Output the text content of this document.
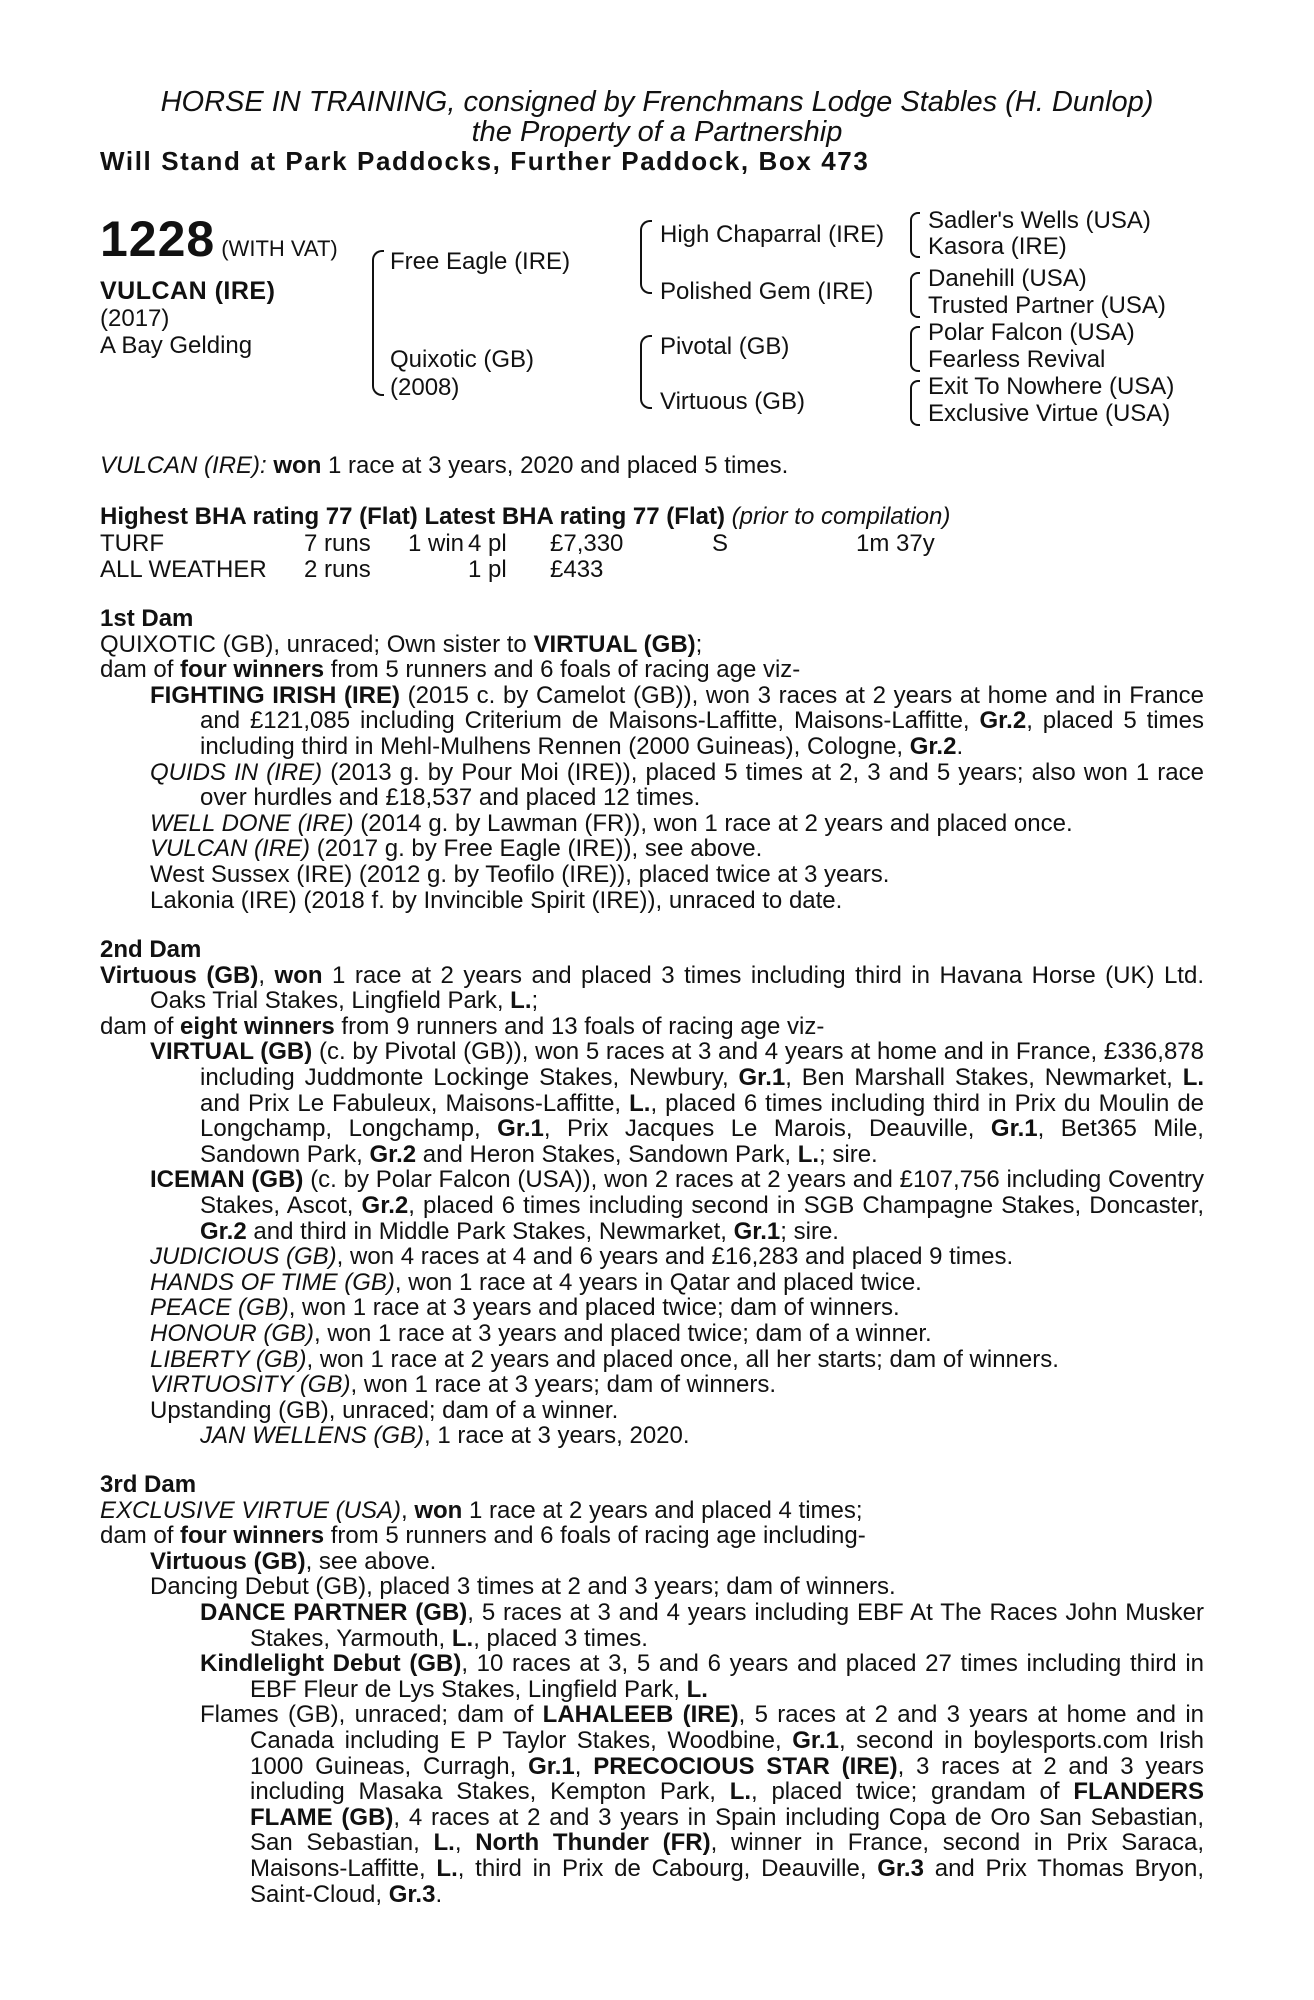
HORSE IN TRAINING, consigned by Frenchmans Lodge Stables (H. Dunlop)
the Property of a Partnership
Will Stand at Park Paddocks, Further Paddock, Box 473
1228 (WITH VAT)
VULCAN (IRE)
(2017)
A Bay Gelding
Free Eagle (IRE)
Quixotic (GB)
(2008)
High Chaparral (IRE)
Polished Gem (IRE)
Pivotal (GB)
Virtuous (GB)
Sadler's Wells (USA)
Kasora (IRE)
Danehill (USA)
Trusted Partner (USA)
Polar Falcon (USA)
Fearless Revival
Exit To Nowhere (USA)
Exclusive Virtue (USA)
VULCAN (IRE): won 1 race at 3 years, 2020 and placed 5 times.
Highest BHA rating 77 (Flat) Latest BHA rating 77 (Flat) (prior to compilation)
TURF	7 runs 1 win 4 pl £7,330	S	1m 37y
ALL WEATHER 2 runs	1 pl £433

1st Dam

QUIXOTIC (GB), unraced; Own sister to VIRTUAL (GB);

dam of four winners from 5 runners and 6 foals of racing age viz-

FIGHTING IRISH (IRE) (2015 c. by Camelot (GB)), won 3 races at 2 years at home and in France and £121,085 including Criterium de Maisons-Laffitte, Maisons-Laffitte, Gr.2, placed 5 times including third in Mehl-Mulhens Rennen (2000 Guineas), Cologne, Gr.2.

QUIDS IN (IRE) (2013 g. by Pour Moi (IRE)), placed 5 times at 2, 3 and 5 years; also won 1 race over hurdles and £18,537 and placed 12 times.

WELL DONE (IRE) (2014 g. by Lawman (FR)), won 1 race at 2 years and placed once.

VULCAN (IRE) (2017 g. by Free Eagle (IRE)), see above.

West Sussex (IRE) (2012 g. by Teofilo (IRE)), placed twice at 3 years.

Lakonia (IRE) (2018 f. by Invincible Spirit (IRE)), unraced to date.

2nd Dam

Virtuous (GB), won 1 race at 2 years and placed 3 times including third in Havana Horse (UK) Ltd. Oaks Trial Stakes, Lingfield Park, L.;

dam of eight winners from 9 runners and 13 foals of racing age viz-

VIRTUAL (GB) (c. by Pivotal (GB)), won 5 races at 3 and 4 years at home and in France, £336,878 including Juddmonte Lockinge Stakes, Newbury, Gr.1, Ben Marshall Stakes, Newmarket, L. and Prix Le Fabuleux, Maisons-Laffitte, L., placed 6 times including third in Prix du Moulin de Longchamp, Longchamp, Gr.1, Prix Jacques Le Marois, Deauville, Gr.1, Bet365 Mile, Sandown Park, Gr.2 and Heron Stakes, Sandown Park, L.; sire.

ICEMAN (GB) (c. by Polar Falcon (USA)), won 2 races at 2 years and £107,756 including Coventry Stakes, Ascot, Gr.2, placed 6 times including second in SGB Champagne Stakes, Doncaster, Gr.2 and third in Middle Park Stakes, Newmarket, Gr.1; sire.

JUDICIOUS (GB), won 4 races at 4 and 6 years and £16,283 and placed 9 times.

HANDS OF TIME (GB), won 1 race at 4 years in Qatar and placed twice.

PEACE (GB), won 1 race at 3 years and placed twice; dam of winners.

HONOUR (GB), won 1 race at 3 years and placed twice; dam of a winner.

LIBERTY (GB), won 1 race at 2 years and placed once, all her starts; dam of winners.

VIRTUOSITY (GB), won 1 race at 3 years; dam of winners.

Upstanding (GB), unraced; dam of a winner.

JAN WELLENS (GB), 1 race at 3 years, 2020.

3rd Dam

EXCLUSIVE VIRTUE (USA), won 1 race at 2 years and placed 4 times;

dam of four winners from 5 runners and 6 foals of racing age including-

Virtuous (GB), see above.

Dancing Debut (GB), placed 3 times at 2 and 3 years; dam of winners.

DANCE PARTNER (GB), 5 races at 3 and 4 years including EBF At The Races John Musker Stakes, Yarmouth, L., placed 3 times.

Kindlelight Debut (GB), 10 races at 3, 5 and 6 years and placed 27 times including third in EBF Fleur de Lys Stakes, Lingfield Park, L.

Flames (GB), unraced; dam of LAHALEEB (IRE), 5 races at 2 and 3 years at home and in Canada including E P Taylor Stakes, Woodbine, Gr.1, second in boylesports.com Irish 1000 Guineas, Curragh, Gr.1, PRECOCIOUS STAR (IRE), 3 races at 2 and 3 years including Masaka Stakes, Kempton Park, L., placed twice; grandam of FLANDERS FLAME (GB), 4 races at 2 and 3 years in Spain including Copa de Oro San Sebastian, San Sebastian, L., North Thunder (FR), winner in France, second in Prix Saraca, Maisons-Laffitte, L., third in Prix de Cabourg, Deauville, Gr.3 and Prix Thomas Bryon, Saint-Cloud, Gr.3.
